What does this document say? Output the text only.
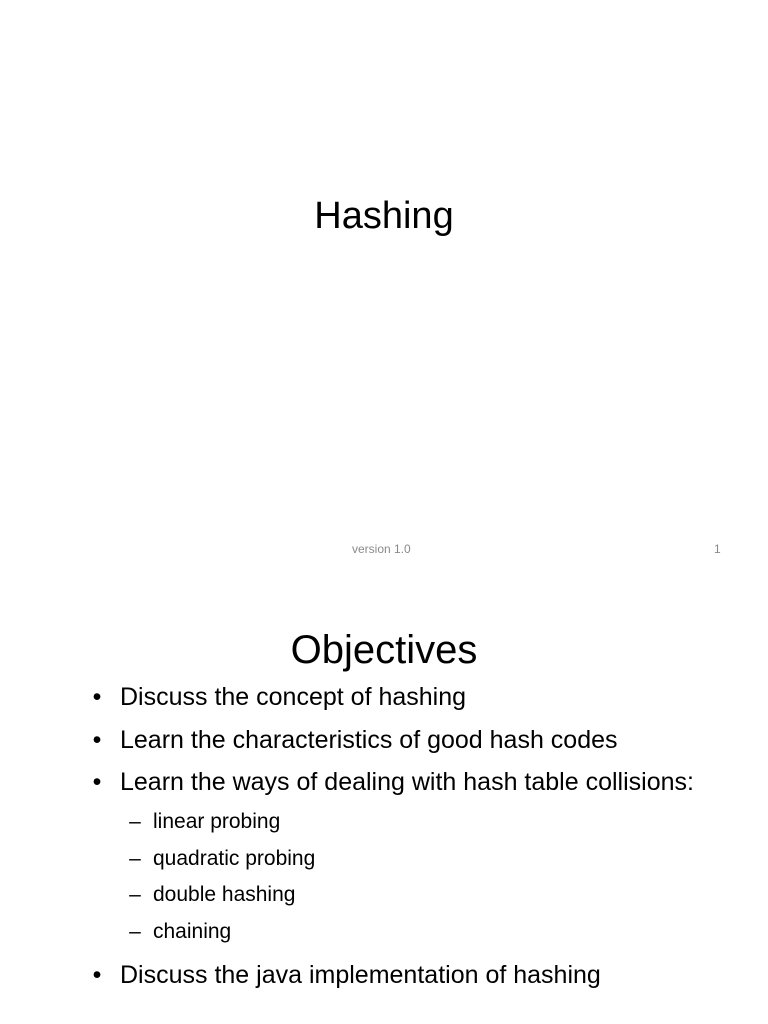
Hashing
version 1.0	1
Objectives
• Discuss the concept of hashing
• Learn the characteristics of good hash codes
• Learn the ways of dealing with hash table collisions:
– linear probing
– quadratic probing
– double hashing
– chaining
• Discuss the java implementation of hashing
